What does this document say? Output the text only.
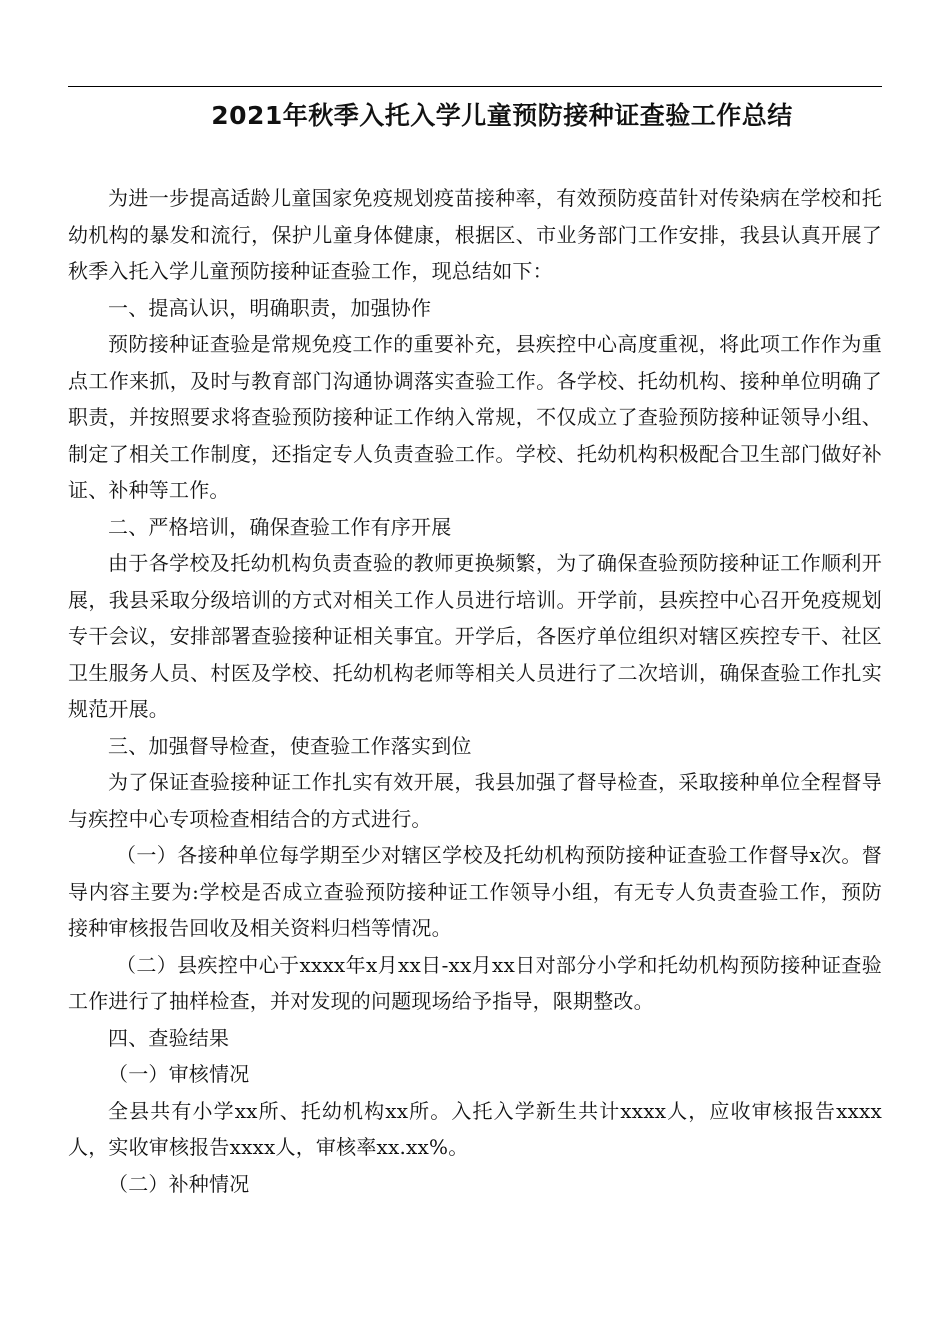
2021年秋季入托入学儿童预防接种证查验工作总结

为进一步提高适龄儿童国家免疫规划疫苗接种率，有效预防疫苗针对传染病在学校和托幼机构的暴发和流行，保护儿童身体健康，根据区、市业务部门工作安排，我县认真开展了秋季入托入学儿童预防接种证查验工作，现总结如下：

一、提高认识，明确职责，加强协作

预防接种证查验是常规免疫工作的重要补充，县疾控中心高度重视，将此项工作作为重点工作来抓，及时与教育部门沟通协调落实查验工作。各学校、托幼机构、接种单位明确了职责，并按照要求将查验预防接种证工作纳入常规，不仅成立了查验预防接种证领导小组、制定了相关工作制度，还指定专人负责查验工作。学校、托幼机构积极配合卫生部门做好补证、补种等工作。

二、严格培训，确保查验工作有序开展

由于各学校及托幼机构负责查验的教师更换频繁，为了确保查验预防接种证工作顺利开展，我县采取分级培训的方式对相关工作人员进行培训。开学前，县疾控中心召开免疫规划专干会议，安排部署查验接种证相关事宜。开学后，各医疗单位组织对辖区疾控专干、社区卫生服务人员、村医及学校、托幼机构老师等相关人员进行了二次培训，确保查验工作扎实规范开展。

三、加强督导检查，使查验工作落实到位

为了保证查验接种证工作扎实有效开展，我县加强了督导检查，采取接种单位全程督导与疾控中心专项检查相结合的方式进行。

（一）各接种单位每学期至少对辖区学校及托幼机构预防接种证查验工作督导x次。督导内容主要为:学校是否成立查验预防接种证工作领导小组，有无专人负责查验工作，预防接种审核报告回收及相关资料归档等情况。

（二）县疾控中心于xxxx年x月xx日-xx月xx日对部分小学和托幼机构预防接种证查验工作进行了抽样检查，并对发现的问题现场给予指导，限期整改。

四、查验结果

（一）审核情况

全县共有小学xx所、托幼机构xx所。入托入学新生共计xxxx人，应收审核报告xxxx人，实收审核报告xxxx人，审核率xx.xx%。

（二）补种情况
